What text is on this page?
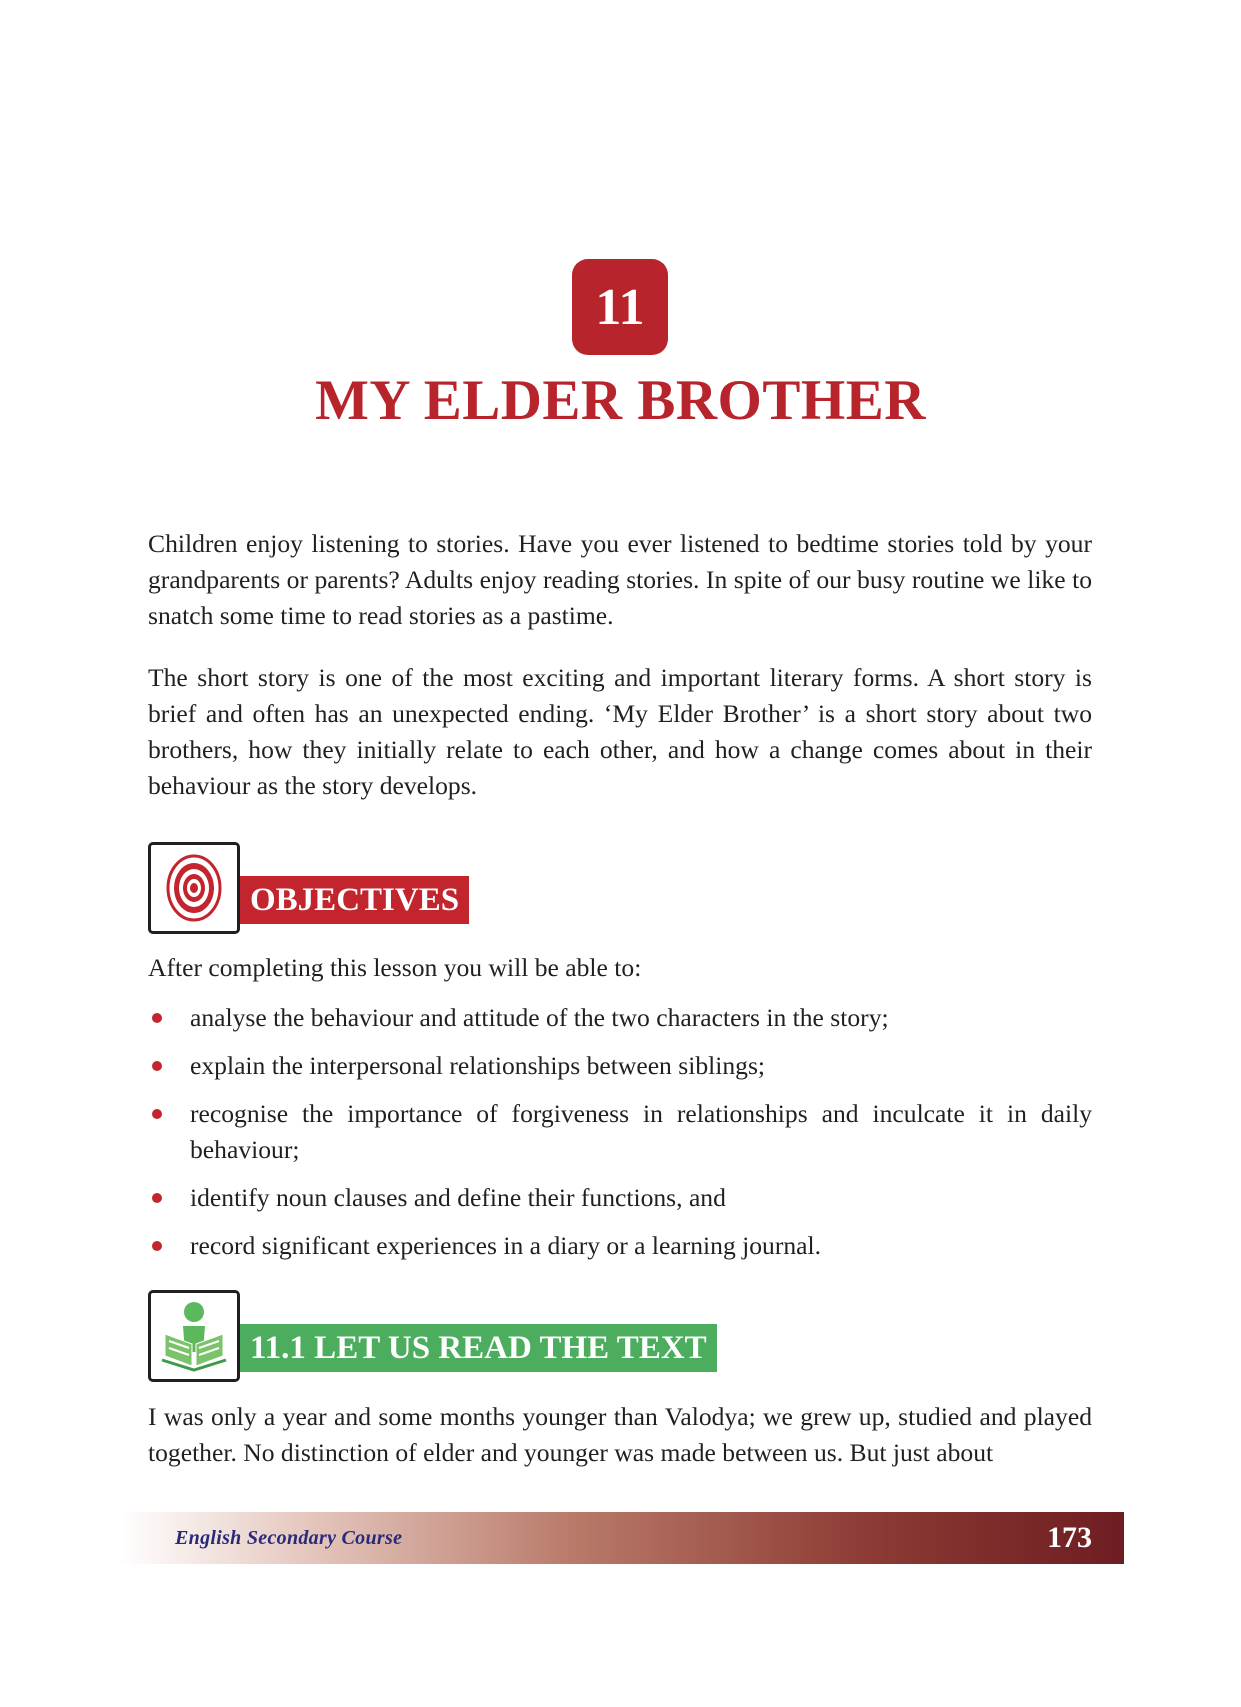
11
MY ELDER BROTHER

Children enjoy listening to stories. Have you ever listened to bedtime stories told by your grandparents or parents? Adults enjoy reading stories. In spite of our busy routine we like to snatch some time to read stories as a pastime.

The short story is one of the most exciting and important literary forms. A short story is brief and often has an unexpected ending. ‘My Elder Brother’ is a short story about two brothers, how they initially relate to each other, and how a change comes about in their behaviour as the story develops.

OBJECTIVES

After completing this lesson you will be able to:

analyse the behaviour and attitude of the two characters in the story;
explain the interpersonal relationships between siblings;
recognise the importance of forgiveness in relationships and inculcate it in daily behaviour;
identify noun clauses and define their functions, and
record significant experiences in a diary or a learning journal.
11.1 LET US READ THE TEXT

I was only a year and some months younger than Valodya; we grew up, studied and played together. No distinction of elder and younger was made between us. But just about

English Secondary Course	173
